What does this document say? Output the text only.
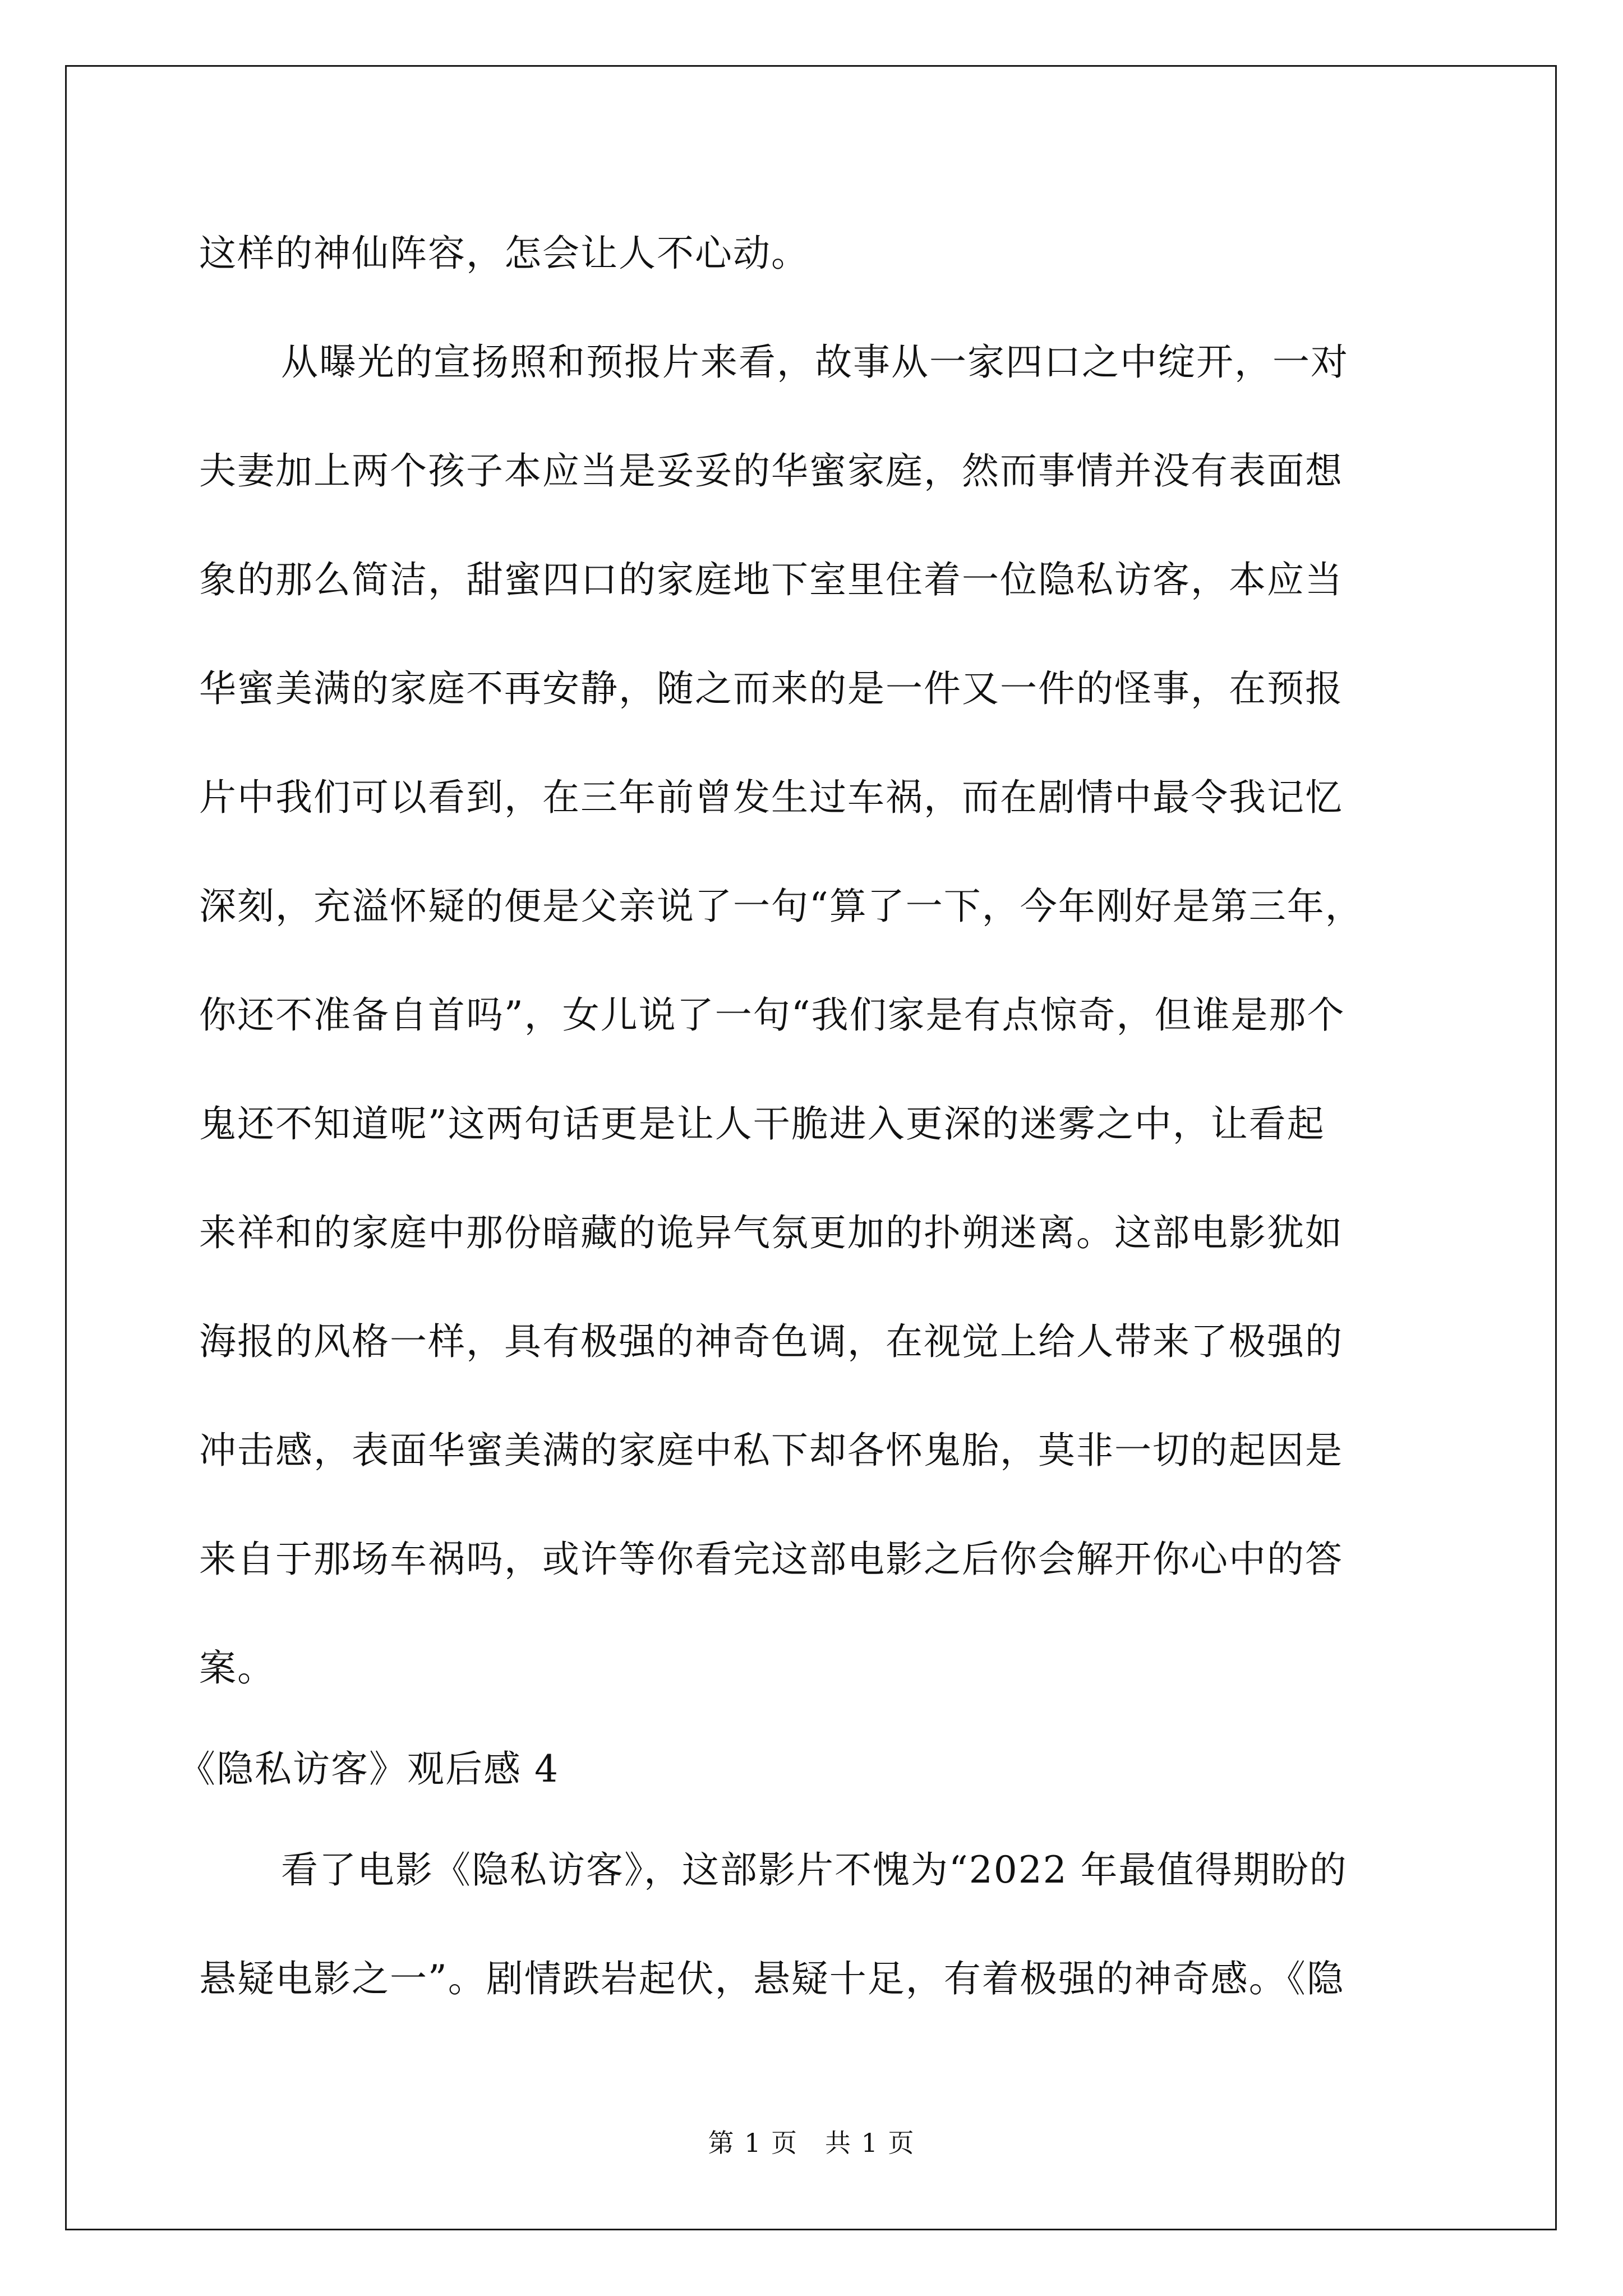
这样的神仙阵容，怎会让人不心动。

从曝光的宣扬照和预报片来看，故事从一家四口之中绽开，一对

夫妻加上两个孩子本应当是妥妥的华蜜家庭，然而事情并没有表面想

象的那么简洁，甜蜜四口的家庭地下室里住着一位隐私访客，本应当

华蜜美满的家庭不再安静，随之而来的是一件又一件的怪事，在预报

片中我们可以看到，在三年前曾发生过车祸，而在剧情中最令我记忆

深刻，充溢怀疑的便是父亲说了一句“算了一下，今年刚好是第三年，

你还不准备自首吗”，女儿说了一句“我们家是有点惊奇，但谁是那个

鬼还不知道呢”这两句话更是让人干脆进入更深的迷雾之中，让看起

来祥和的家庭中那份暗藏的诡异气氛更加的扑朔迷离。这部电影犹如

海报的风格一样，具有极强的神奇色调，在视觉上给人带来了极强的

冲击感，表面华蜜美满的家庭中私下却各怀鬼胎，莫非一切的起因是

来自于那场车祸吗，或许等你看完这部电影之后你会解开你心中的答

案。

《隐私访客》观后感 4

看了电影《隐私访客》，这部影片不愧为“2022 年最值得期盼的

悬疑电影之一”。剧情跌岩起伏，悬疑十足，有着极强的神奇感。《隐

第 1 页 共 1 页
